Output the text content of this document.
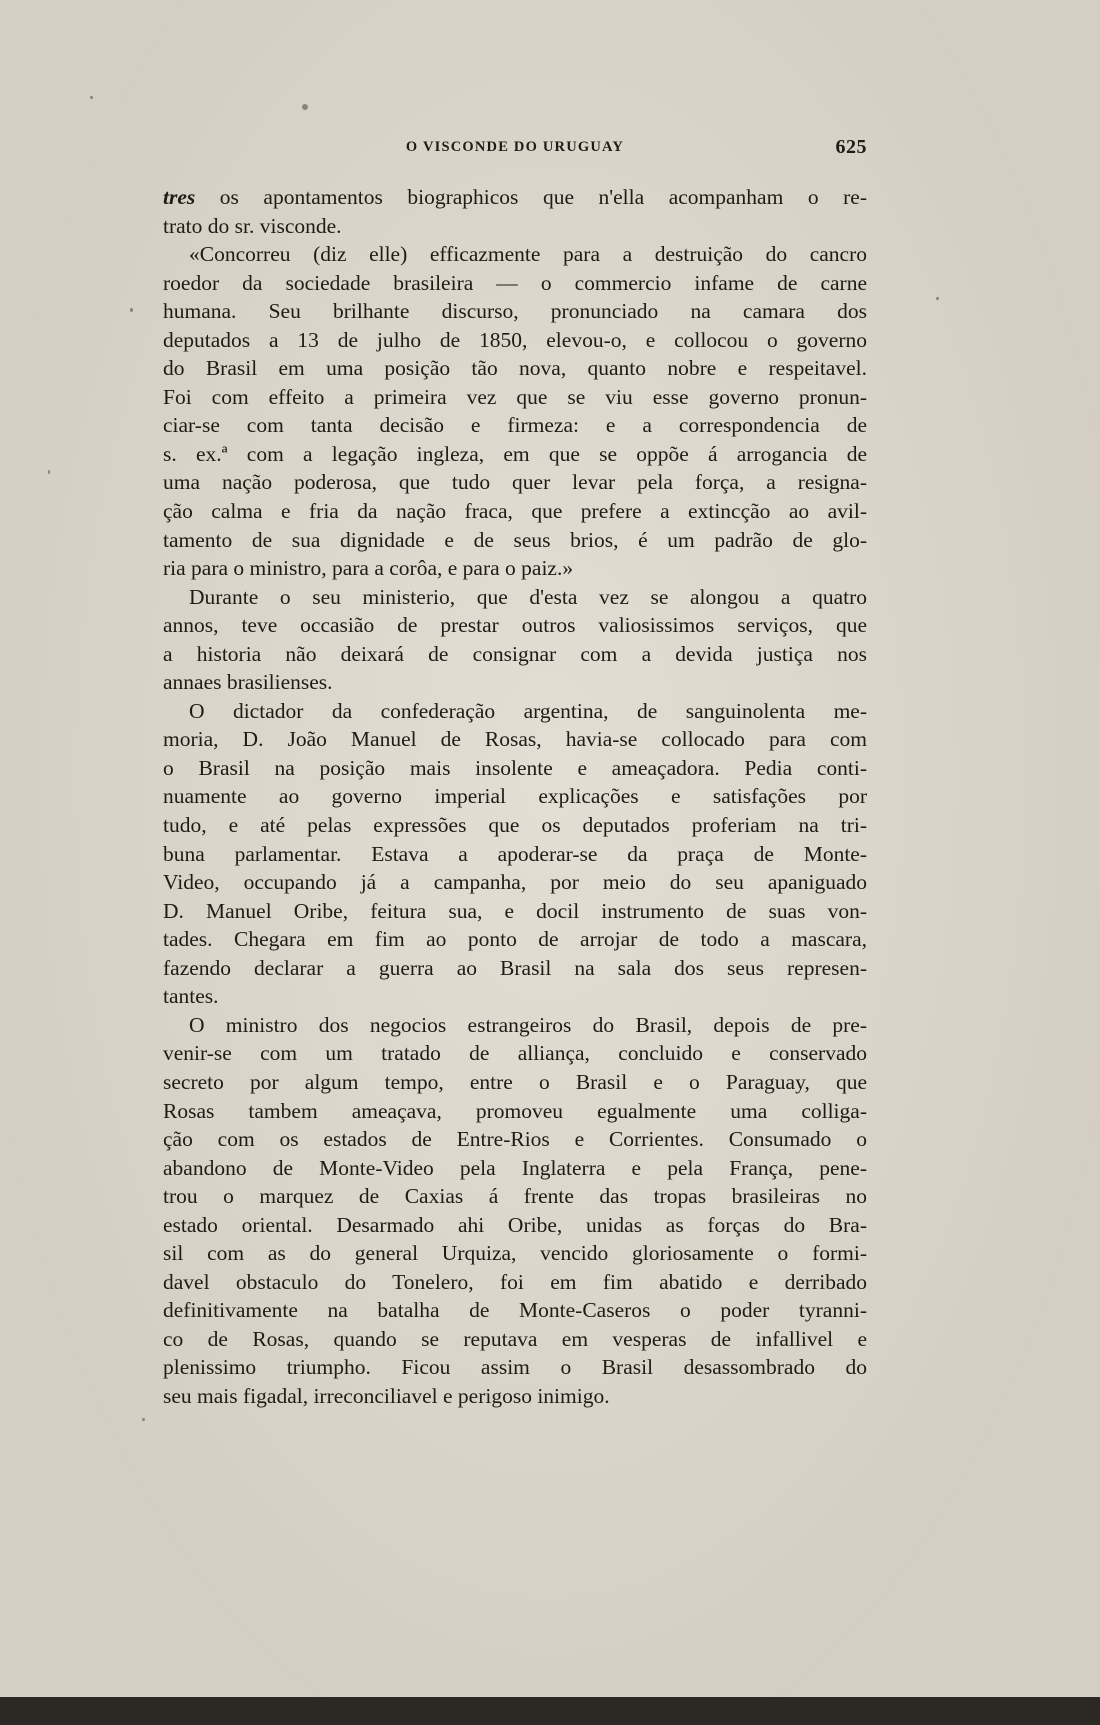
O VISCONDE DO URUGUAY	625
tres os apontamentos biographicos que n'ella acompanham o re-
trato do sr. visconde.
«Concorreu (diz elle) efficazmente para a destruição do cancro
roedor da sociedade brasileira — o commercio infame de carne
humana. Seu brilhante discurso, pronunciado na camara dos
deputados a 13 de julho de 1850, elevou-o, e collocou o governo
do Brasil em uma posição tão nova, quanto nobre e respeitavel.
Foi com effeito a primeira vez que se viu esse governo pronun-
ciar-se com tanta decisão e firmeza: e a correspondencia de
s. ex.ª com a legação ingleza, em que se oppõe á arrogancia de
uma nação poderosa, que tudo quer levar pela força, a resigna-
ção calma e fria da nação fraca, que prefere a extincção ao avil-
tamento de sua dignidade e de seus brios, é um padrão de glo-
ria para o ministro, para a corôa, e para o paiz.»
Durante o seu ministerio, que d'esta vez se alongou a quatro
annos, teve occasião de prestar outros valiosissimos serviços, que
a historia não deixará de consignar com a devida justiça nos
annaes brasilienses.
O dictador da confederação argentina, de sanguinolenta me-
moria, D. João Manuel de Rosas, havia-se collocado para com
o Brasil na posição mais insolente e ameaçadora. Pedia conti-
nuamente ao governo imperial explicações e satisfações por
tudo, e até pelas expressões que os deputados proferiam na tri-
buna parlamentar. Estava a apoderar-se da praça de Monte-
Video, occupando já a campanha, por meio do seu apaniguado
D. Manuel Oribe, feitura sua, e docil instrumento de suas von-
tades. Chegara em fim ao ponto de arrojar de todo a mascara,
fazendo declarar a guerra ao Brasil na sala dos seus represen-
tantes.
O ministro dos negocios estrangeiros do Brasil, depois de pre-
venir-se com um tratado de alliança, concluido e conservado
secreto por algum tempo, entre o Brasil e o Paraguay, que
Rosas tambem ameaçava, promoveu egualmente uma colliga-
ção com os estados de Entre-Rios e Corrientes. Consumado o
abandono de Monte-Video pela Inglaterra e pela França, pene-
trou o marquez de Caxias á frente das tropas brasileiras no
estado oriental. Desarmado ahi Oribe, unidas as forças do Bra-
sil com as do general Urquiza, vencido gloriosamente o formi-
davel obstaculo do Tonelero, foi em fim abatido e derribado
definitivamente na batalha de Monte-Caseros o poder tyranni-
co de Rosas, quando se reputava em vesperas de infallivel e
plenissimo triumpho. Ficou assim o Brasil desassombrado do
seu mais figadal, irreconciliavel e perigoso inimigo.
